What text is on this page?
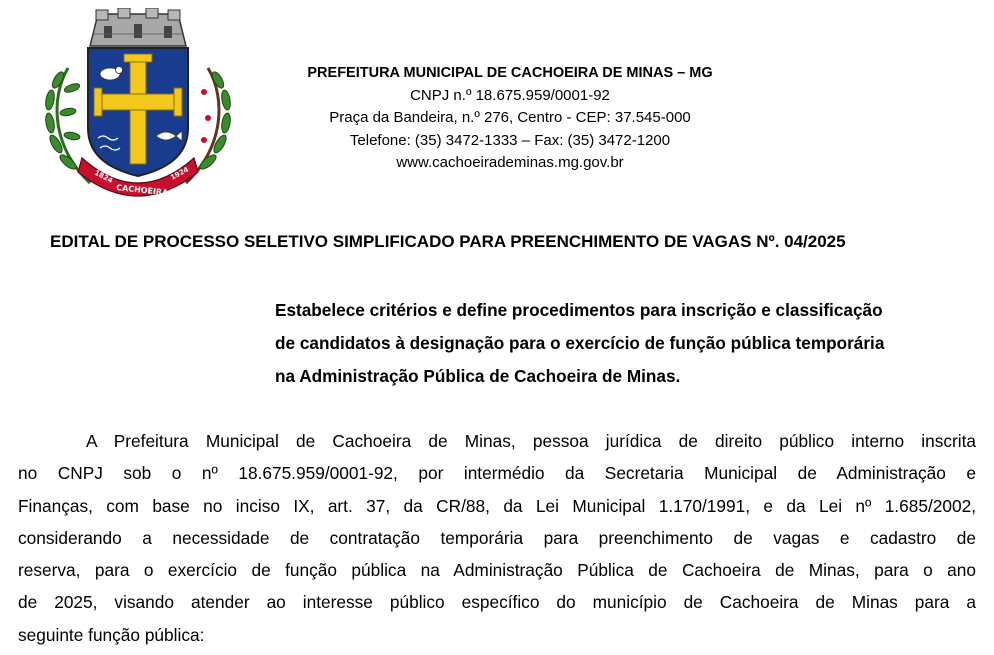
1824
CACHOEIRA de MINAS
1924
PREFEITURA MUNICIPAL DE CACHOEIRA DE MINAS – MG
CNPJ n.º 18.675.959/0001-92
Praça da Bandeira, n.º 276, Centro - CEP: 37.545-000
Telefone: (35) 3472-1333 – Fax: (35) 3472-1200
www.cachoeirademinas.mg.gov.br
EDITAL DE PROCESSO SELETIVO SIMPLIFICADO PARA PREENCHIMENTO DE VAGAS Nº. 04/2025
Estabelece critérios e define procedimentos para inscrição e classificação
de candidatos à designação para o exercício de função pública temporária
na Administração Pública de Cachoeira de Minas.
A Prefeitura Municipal de Cachoeira de Minas, pessoa jurídica de direito público interno inscrita
no CNPJ sob o nº 18.675.959/0001-92, por intermédio da Secretaria Municipal de Administração e
Finanças, com base no inciso IX, art. 37, da CR/88, da Lei Municipal 1.170/1991, e da Lei nº 1.685/2002,
considerando a necessidade de contratação temporária para preenchimento de vagas e cadastro de
reserva, para o exercício de função pública na Administração Pública de Cachoeira de Minas, para o ano
de 2025, visando atender ao interesse público específico do município de Cachoeira de Minas para a
seguinte função pública:
